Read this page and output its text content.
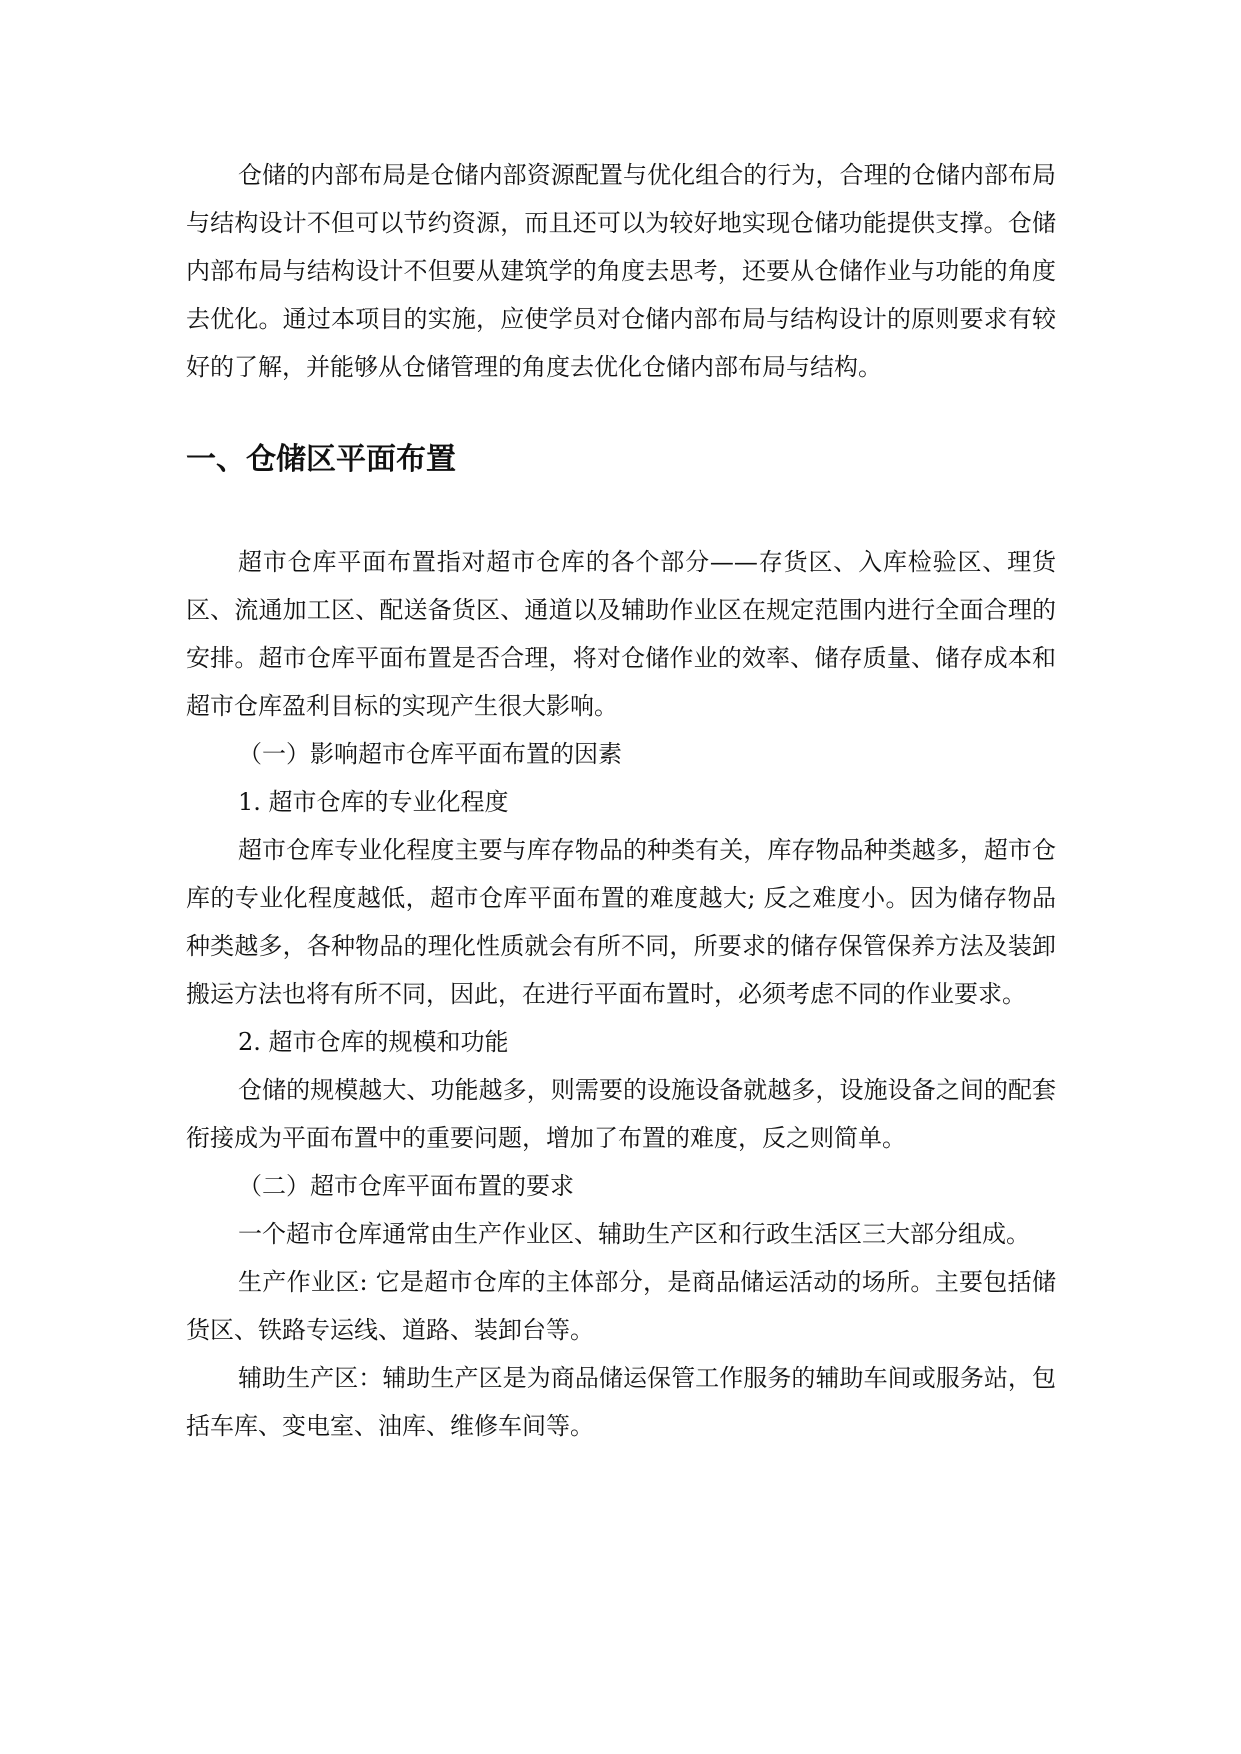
仓储的内部布局是仓储内部资源配置与优化组合的行为，合理的仓储内部布局与结构设计不但可以节约资源，而且还可以为较好地实现仓储功能提供支撑。仓储内部布局与结构设计不但要从建筑学的角度去思考，还要从仓储作业与功能的角度去优化。通过本项目的实施，应使学员对仓储内部布局与结构设计的原则要求有较好的了解，并能够从仓储管理的角度去优化仓储内部布局与结构。

一、仓储区平面布置

超市仓库平面布置指对超市仓库的各个部分——存货区、入库检验区、理货区、流通加工区、配送备货区、通道以及辅助作业区在规定范围内进行全面合理的安排。超市仓库平面布置是否合理，将对仓储作业的效率、储存质量、储存成本和超市仓库盈利目标的实现产生很大影响。

（一）影响超市仓库平面布置的因素

1. 超市仓库的专业化程度

超市仓库专业化程度主要与库存物品的种类有关，库存物品种类越多，超市仓库的专业化程度越低，超市仓库平面布置的难度越大; 反之难度小。因为储存物品种类越多，各种物品的理化性质就会有所不同，所要求的储存保管保养方法及装卸搬运方法也将有所不同，因此，在进行平面布置时，必须考虑不同的作业要求。

2. 超市仓库的规模和功能

仓储的规模越大、功能越多，则需要的设施设备就越多，设施设备之间的配套衔接成为平面布置中的重要问题，增加了布置的难度，反之则简单。

（二）超市仓库平面布置的要求

一个超市仓库通常由生产作业区、辅助生产区和行政生活区三大部分组成。

生产作业区: 它是超市仓库的主体部分，是商品储运活动的场所。主要包括储货区、铁路专运线、道路、装卸台等。

辅助生产区：辅助生产区是为商品储运保管工作服务的辅助车间或服务站，包括车库、变电室、油库、维修车间等。
